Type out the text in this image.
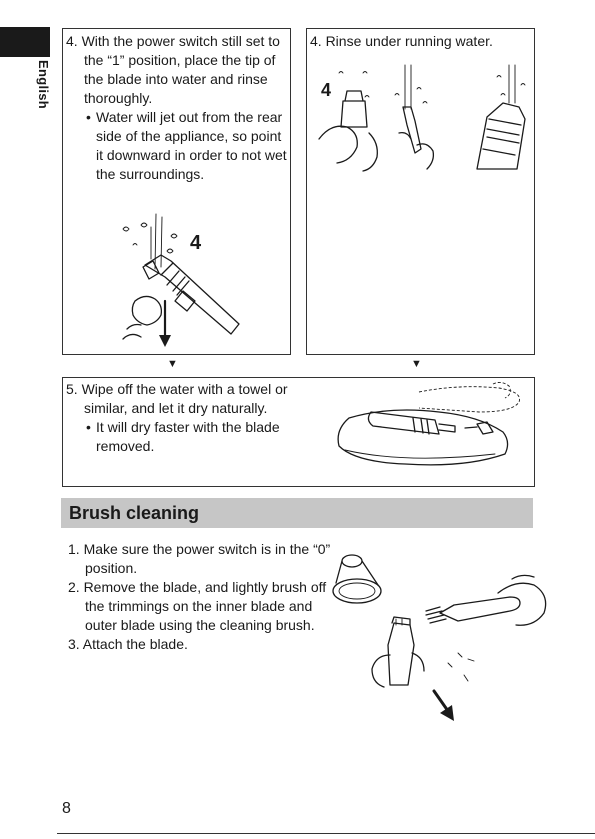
English

4. With the power switch still set to the “1” position, place the tip of the blade into water and rinse thoroughly.

• Water will jet out from the rear side of the appliance, so point it downward in order to not wet the surroundings.

4
4. Rinse under running water.
4
▼	▼

5. Wipe off the water with a towel or similar, and let it dry naturally.

• It will dry faster with the blade removed.

Brush cleaning

1. Make sure the power switch is in the “0” position.

2. Remove the blade, and lightly brush off the trimmings on the inner blade and outer blade using the cleaning brush.

3. Attach the blade.

8
